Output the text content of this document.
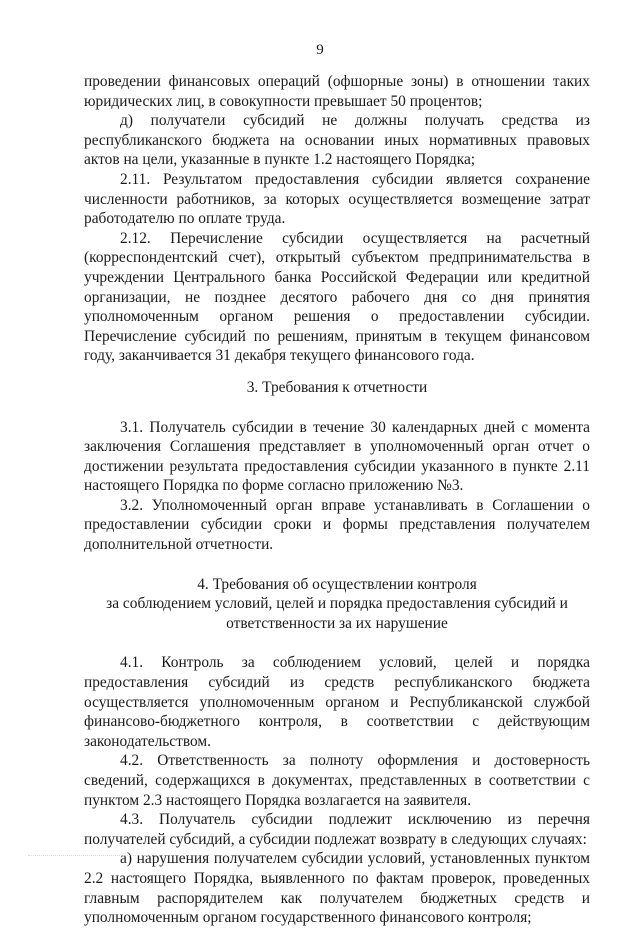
9

проведении финансовых операций (офшорные зоны) в отношении таких юридических лиц, в совокупности превышает 50 процентов;

д) получатели субсидий не должны получать средства из республиканского бюджета на основании иных нормативных правовых актов на цели, указанные в пункте 1.2 настоящего Порядка;

2.11. Результатом предоставления субсидии является сохранение численности работников, за которых осуществляется возмещение затрат работодателю по оплате труда.

2.12. Перечисление субсидии осуществляется на расчетный (корреспондентский счет), открытый субъектом предпринимательства в учреждении Центрального банка Российской Федерации или кредитной организации, не позднее десятого рабочего дня со дня принятия уполномоченным органом решения о предоставлении субсидии. Перечисление субсидий по решениям, принятым в текущем финансовом году, заканчивается 31 декабря текущего финансового года.

3. Требования к отчетности

3.1. Получатель субсидии в течение 30 календарных дней с момента заключения Соглашения представляет в уполномоченный орган отчет о достижении результата предоставления субсидии указанного в пункте 2.11 настоящего Порядка по форме согласно приложению №3.

3.2. Уполномоченный орган вправе устанавливать в Соглашении о предоставлении субсидии сроки и формы представления получателем дополнительной отчетности.

4. Требования об осуществлении контроля

за соблюдением условий, целей и порядка предоставления субсидий и

ответственности за их нарушение

4.1. Контроль за соблюдением условий, целей и порядка предоставления субсидий из средств республиканского бюджета осуществляется уполномоченным органом и Республиканской службой финансово-бюджетного контроля, в соответствии с действующим законодательством.

4.2. Ответственность за полноту оформления и достоверность сведений, содержащихся в документах, представленных в соответствии с пунктом 2.3 настоящего Порядка возлагается на заявителя.

4.3. Получатель субсидии подлежит исключению из перечня получателей субсидий, а субсидии подлежат возврату в следующих случаях:

а) нарушения получателем субсидии условий, установленных пунктом 2.2 настоящего Порядка, выявленного по фактам проверок, проведенных главным распорядителем как получателем бюджетных средств и уполномоченным органом государственного финансового контроля;
